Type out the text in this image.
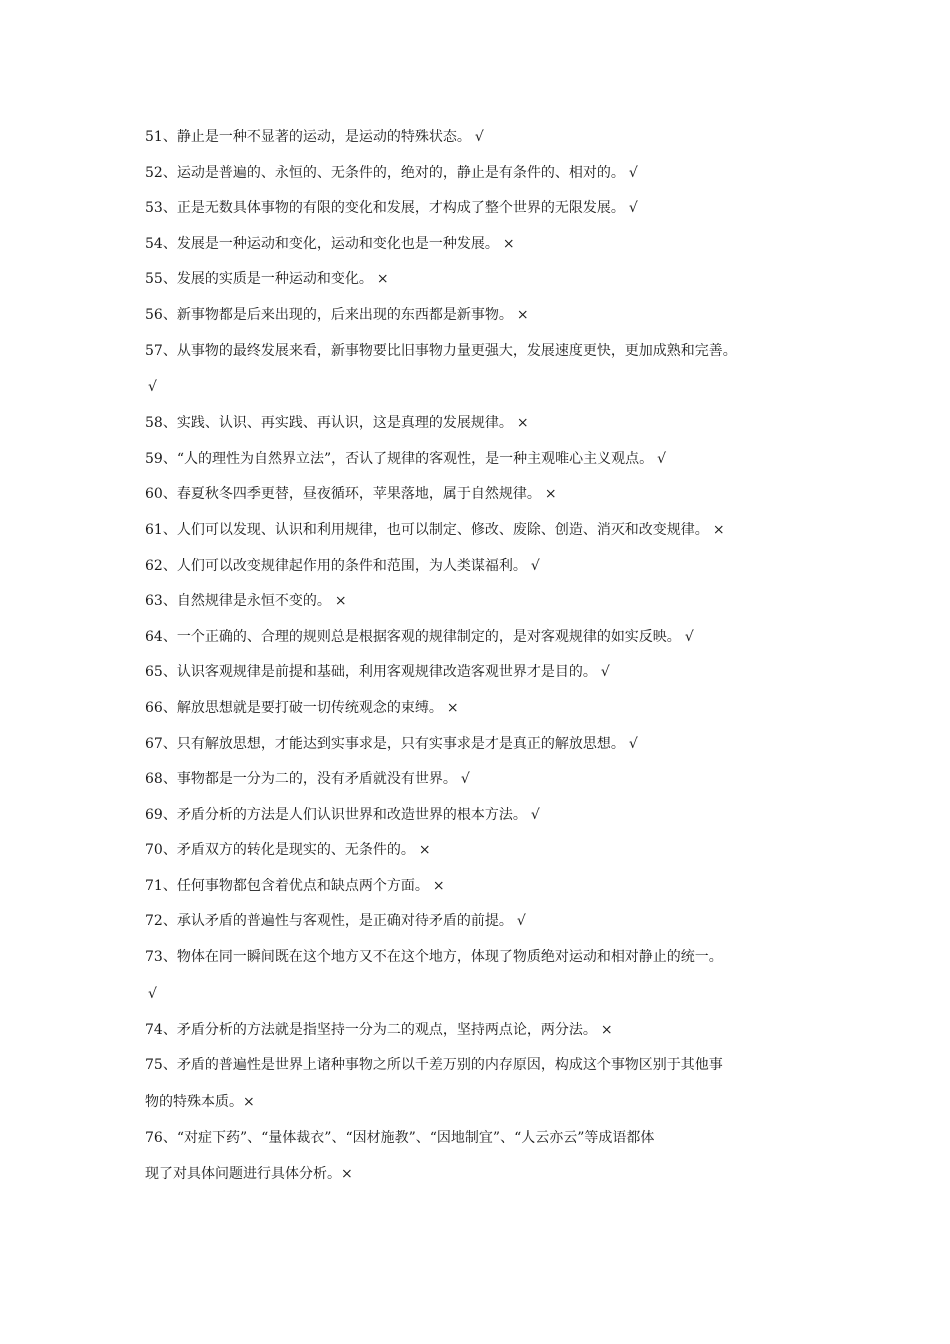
51、静止是一种不显著的运动，是运动的特殊状态。 √

52、运动是普遍的、永恒的、无条件的，绝对的，静止是有条件的、相对的。 √

53、正是无数具体事物的有限的变化和发展，才构成了整个世界的无限发展。 √

54、发展是一种运动和变化，运动和变化也是一种发展。 ×

55、发展的实质是一种运动和变化。 ×

56、新事物都是后来出现的，后来出现的东西都是新事物。 ×

57、从事物的最终发展来看，新事物要比旧事物力量更强大，发展速度更快，更加成熟和完善。

√

58、实践、认识、再实践、再认识，这是真理的发展规律。 ×

59、“人的理性为自然界立法”，否认了规律的客观性，是一种主观唯心主义观点。 √

60、春夏秋冬四季更替，昼夜循环，苹果落地，属于自然规律。 ×

61、人们可以发现、认识和利用规律，也可以制定、修改、废除、创造、消灭和改变规律。 ×

62、人们可以改变规律起作用的条件和范围，为人类谋福利。 √

63、自然规律是永恒不变的。 ×

64、一个正确的、合理的规则总是根据客观的规律制定的，是对客观规律的如实反映。 √

65、认识客观规律是前提和基础，利用客观规律改造客观世界才是目的。 √

66、解放思想就是要打破一切传统观念的束缚。 ×

67、只有解放思想，才能达到实事求是，只有实事求是才是真正的解放思想。 √

68、事物都是一分为二的，没有矛盾就没有世界。 √

69、矛盾分析的方法是人们认识世界和改造世界的根本方法。 √

70、矛盾双方的转化是现实的、无条件的。 ×

71、任何事物都包含着优点和缺点两个方面。 ×

72、承认矛盾的普遍性与客观性，是正确对待矛盾的前提。 √

73、物体在同一瞬间既在这个地方又不在这个地方，体现了物质绝对运动和相对静止的统一。

√

74、矛盾分析的方法就是指坚持一分为二的观点，坚持两点论，两分法。 ×

75、矛盾的普遍性是世界上诸种事物之所以千差万别的内存原因，构成这个事物区别于其他事

物的特殊本质。×

76、“对症下药”、“量体裁衣”、“因材施教”、“因地制宜”、“人云亦云”等成语都体

现了对具体问题进行具体分析。×
